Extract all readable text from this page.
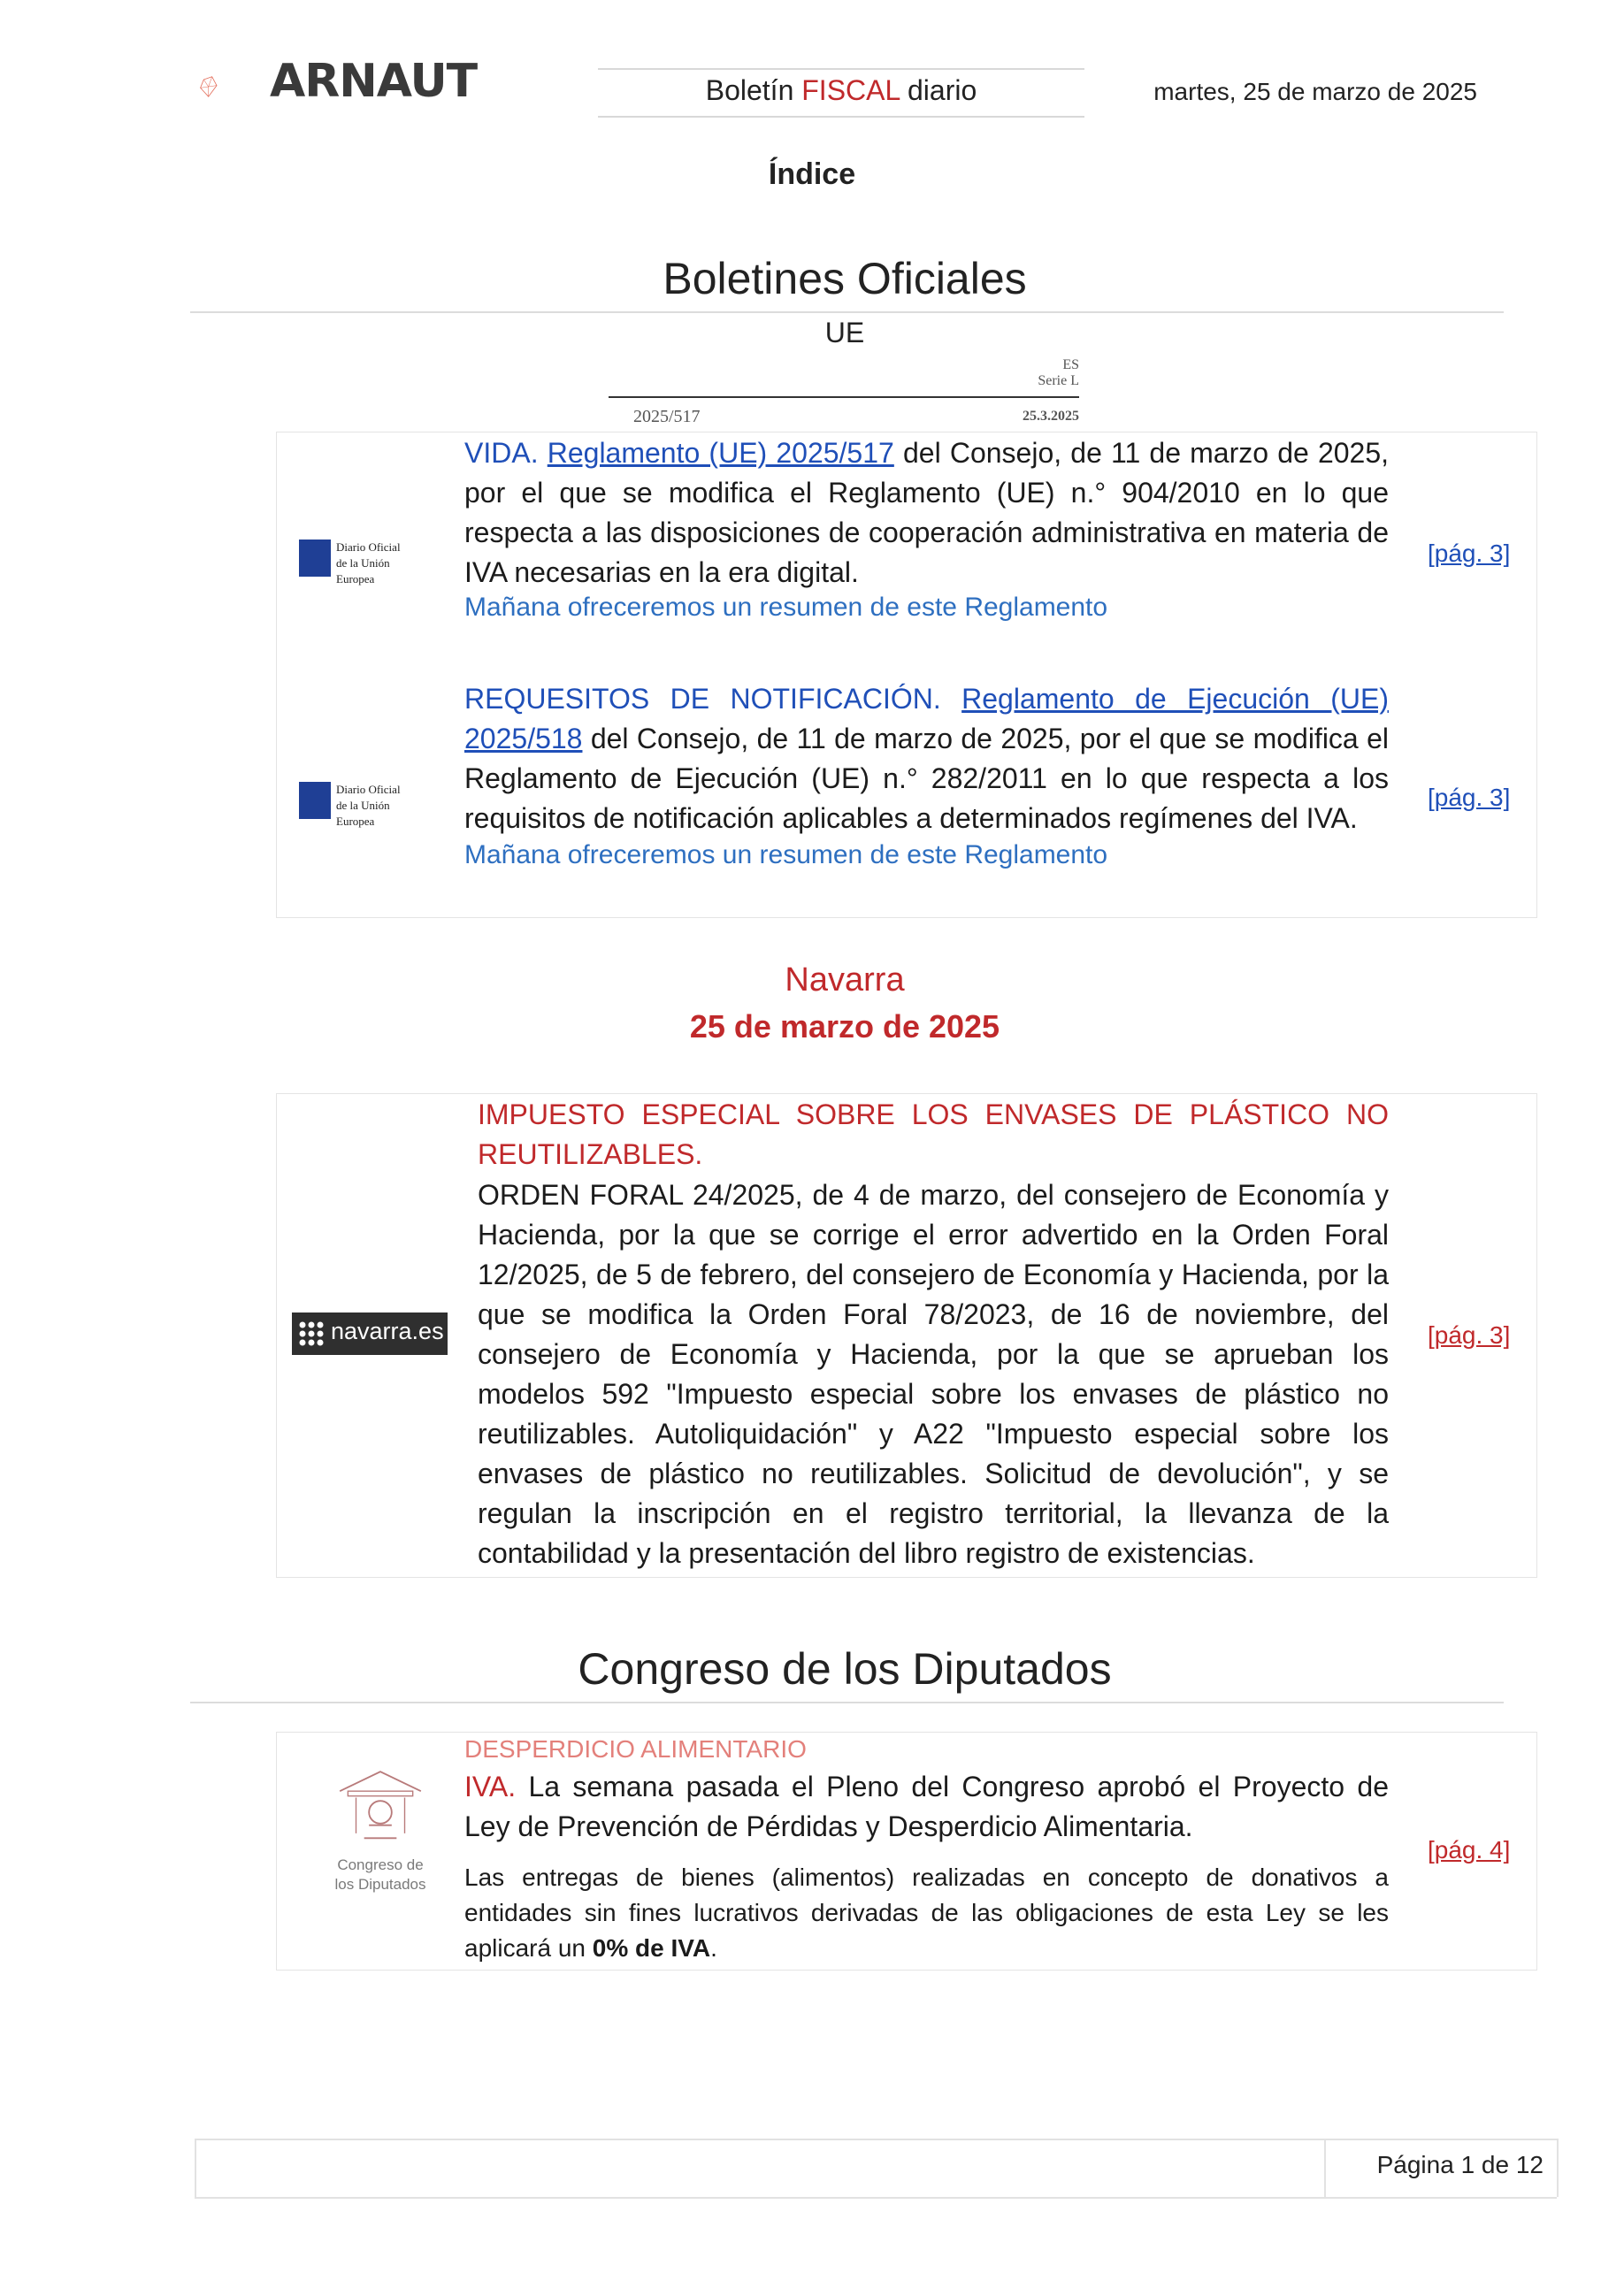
ARNAUT	Boletín FISCAL diario	martes, 25 de marzo de 2025
Índice
Boletines Oficiales
UE
ES
Serie L
2025/517	25.3.2025
Diario Oficial
de la Unión Europea
VIDA. Reglamento (UE) 2025/517 del Consejo, de 11 de marzo de 2025, por el que se modifica el Reglamento (UE) n.° 904/2010 en lo que respecta a las disposiciones de cooperación administrativa en materia de IVA necesarias en la era digital.
Mañana ofreceremos un resumen de este Reglamento
[pág. 3]
Diario Oficial
de la Unión Europea
REQUESITOS DE NOTIFICACIÓN. Reglamento de Ejecución (UE) 2025/518 del Consejo, de 11 de marzo de 2025, por el que se modifica el Reglamento de Ejecución (UE) n.° 282/2011 en lo que respecta a los requisitos de notificación aplicables a determinados regímenes del IVA.
Mañana ofreceremos un resumen de este Reglamento
[pág. 3]
Navarra
25 de marzo de 2025
navarra.es
IMPUESTO ESPECIAL SOBRE LOS ENVASES DE PLÁSTICO NO REUTILIZABLES.
ORDEN FORAL 24/2025, de 4 de marzo, del consejero de Economía y Hacienda, por la que se corrige el error advertido en la Orden Foral 12/2025, de 5 de febrero, del consejero de Economía y Hacienda, por la que se modifica la Orden Foral 78/2023, de 16 de noviembre, del consejero de Economía y Hacienda, por la que se aprueban los modelos 592 "Impuesto especial sobre los envases de plástico no reutilizables. Autoliquidación" y A22 "Impuesto especial sobre los envases de plástico no reutilizables. Solicitud de devolución", y se regulan la inscripción en el registro territorial, la llevanza de la contabilidad y la presentación del libro registro de existencias.
[pág. 3]
Congreso de los Diputados
Congreso de
los Diputados
DESPERDICIO ALIMENTARIO
IVA. La semana pasada el Pleno del Congreso aprobó el Proyecto de Ley de Prevención de Pérdidas y Desperdicio Alimentaria.
Las entregas de bienes (alimentos) realizadas en concepto de donativos a entidades sin fines lucrativos derivadas de las obligaciones de esta Ley se les aplicará un 0% de IVA.
[pág. 4]
Página 1 de 12
